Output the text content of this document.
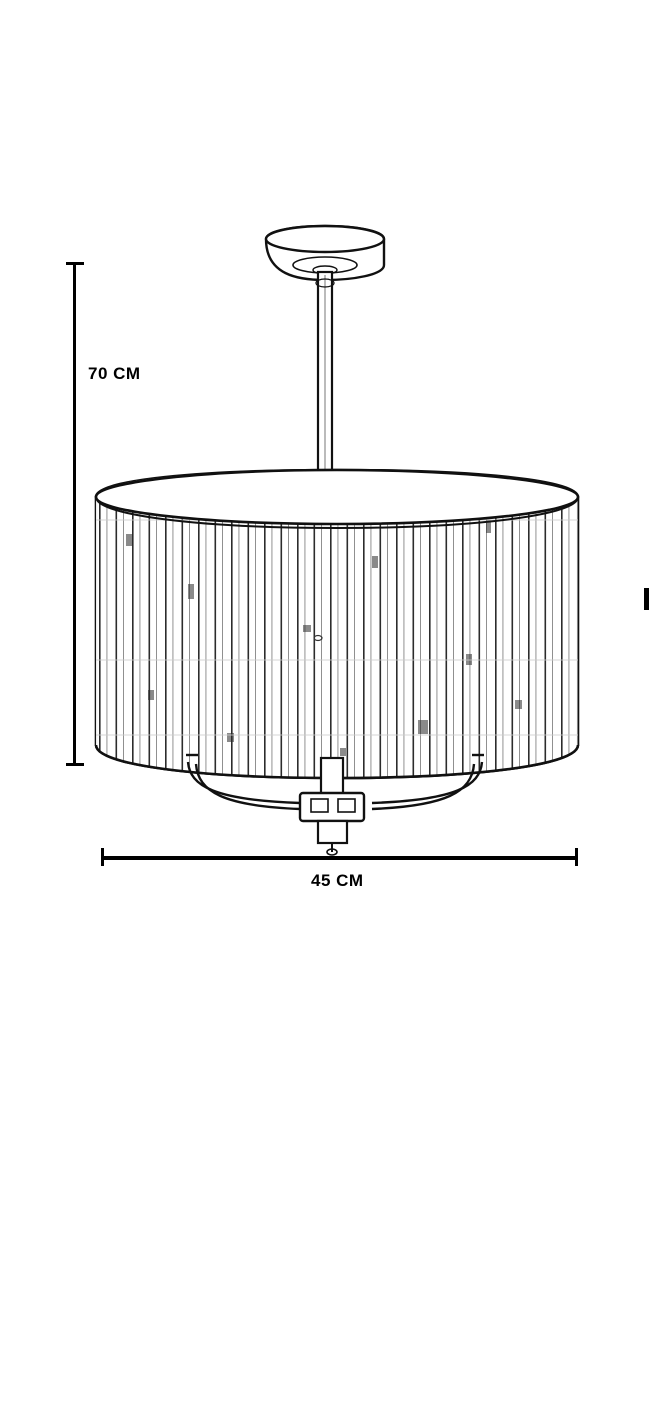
70 CM
45 CM
